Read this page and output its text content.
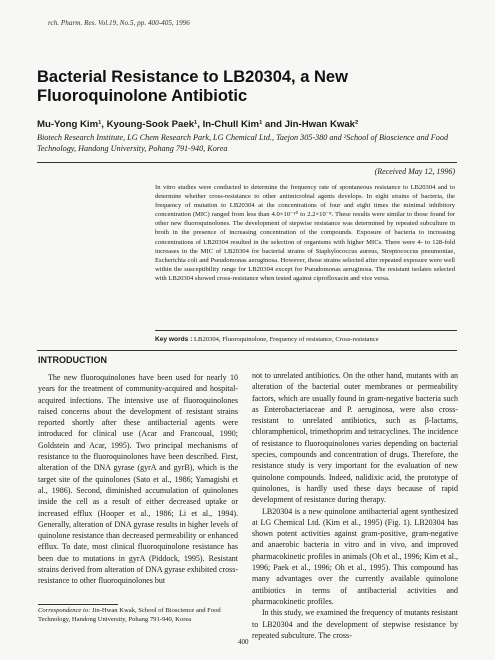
rch. Pharm. Res. Vol.19, No.5, pp. 400-405, 1996
Bacterial Resistance to LB20304, a New Fluoroquinolone Antibiotic
Mu-Yong Kim¹, Kyoung-Sook Paek¹, In-Chull Kim¹ and Jin-Hwan Kwak²
Biotech Research Institute, LG Chem Research Park, LG Chemical Ltd., Taejon 305-380 and ²School of Bioscience and Food Technology, Handong University, Pohang 791-940, Korea
(Received May 12, 1996)
In vitro studies were conducted to determine the frequency rate of spontaneous resistance to LB20304 and to determine whether cross-resistance to other antimicrobial agents develops. In eight strains of bacteria, the frequency of mutation to LB20304 at the concentrations of four and eight times the minimal inhibitory concentration (MIC) ranged from less than 4.0×10⁻¹⁰ to 2.2×10⁻⁸. These results were similar to those found for other new fluoroquinolones. The development of stepwise resistance was determined by repeated subculture in broth in the presence of increasing concentration of the compounds. Exposure of bacteria to increasing concentrations of LB20304 resulted in the selection of organisms with higher MICs. There were 4- to 128-fold increases in the MIC of LB20304 for bacterial strains of Staphylococcus aureus, Streptococcus pneumoniae, Escherichia coli and Pseudomonas aeruginosa. However, those strains selected after repeated exposure were well within the susceptibility range for LB20304 except for Pseudomonas aeruginosa. The resistant isolates selected with LB20304 showed cross-resistance when tested against ciprofloxacin and vice versa.
Key words : LB20304, Fluoroquinolone, Frequency of resistance, Cross-resistance
INTRODUCTION

The new fluoroquinolones have been used for nearly 10 years for the treatment of community-acquired and hospital-acquired infections. The intensive use of fluoroquinolones raised concerns about the development of resistant strains reported shortly after these antibacterial agents were introduced for clinical use (Acar and Francoual, 1990; Goldstein and Acar, 1995). Two principal mechanisms of resistance to the fluoroquinolones have been described. First, alteration of the DNA gyrase (gyrA and gyrB), which is the target site of the quinolones (Sato et al., 1986; Yamagishi et al., 1986). Second, diminished accumulation of quinolones inside the cell as a result of either decreased uptake or increased efflux (Hooper et al., 1986; Li et al., 1994). Generally, alteration of DNA gyrase results in higher levels of quinolone resistance than decreased permeability or enhanced efflux. To date, most clinical fluoroquinolone resistance has been due to mutations in gyrA (Piddock, 1995). Resistant strains derived from alteration of DNA gyrase exhibited cross-resistance to other fluoroquinolones but

not to unrelated antibiotics. On the other hand, mutants with an alteration of the bacterial outer membranes or permeability factors, which are usually found in gram-negative bacteria such as Enterobacteriaceae and P. aeruginosa, were also cross-resistant to unrelated antibiotics, such as β-lactams, chloramphenicol, trimethoprim and tetracyclines. The incidence of resistance to fluoroquinolones varies depending on bacterial species, compounds and concentration of drugs. Therefore, the resistance study is very important for the evaluation of new quinolone compounds. Indeed, nalidixic acid, the prototype of quinolones, is hardly used these days because of rapid development of resistance during therapy.

LB20304 is a new quinolone antibacterial agent synthesized at LG Chemical Ltd. (Kim et al., 1995) (Fig. 1). LB20304 has shown potent activities against gram-positive, gram-negative and anaerobic bacteria in vitro and in vivo, and improved pharmacokinetic profiles in animals (Oh et al., 1996; Kim et al., 1996; Paek et al., 1996; Oh et al., 1995). This compound has many advantages over the currently available quinolone antibiotics in terms of antibacterial activities and pharmacokinetic profiles.

In this study, we examined the frequency of mutants resistant to LB20304 and the development of stepwise resistance by repeated subculture. The cross-

Correspondence to: Jin-Hwan Kwak, School of Bioscience and Food Technology, Handong University, Pohang 791-940, Korea
400
